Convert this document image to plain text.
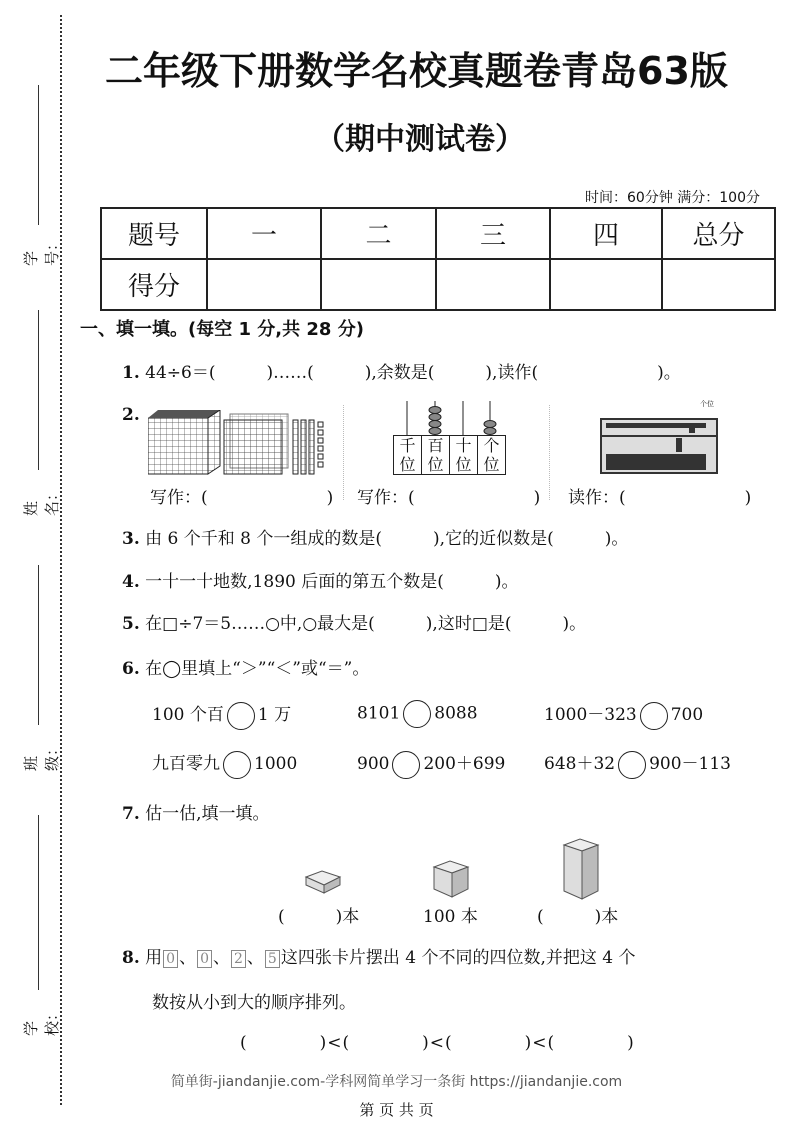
学号：
姓名：
班级：
学校：
二年级下册数学名校真题卷青岛63版
（期中测试卷）
时间：60分钟 满分：100分
题号	一	二	三	四	总分
得分					
一、填一填。(每空 1 分,共 28 分)
1. 44÷6＝(　　　)……(　　　),余数是(　　　),读作(　　　　　　　)。
2.
千
位
百
位
十
位
个
位
个位
写作：(　　　　　　　) 写作：(　　　　　　　) 读作：(　　　　　　　)
3. 由 6 个千和 8 个一组成的数是(　　　),它的近似数是(　　　)。
4. 一十一十地数,1890 后面的第五个数是(　　　)。
5. 在□÷7＝5……○中,○最大是(　　　),这时□是(　　　)。
6. 在◯里填上“＞”“＜”或“＝”。
100 个百 1 万	8101 8088	1000－323 700
九百零九 1000	900 200＋699 648＋32 900－113
7. 估一估,填一填。
(　　　)本	100 本	(　　　)本
8. 用 0 、 0 、 2 、 5 这四张卡片摆出 4 个不同的四位数,并把这 4 个
数按从小到大的顺序排列。
(　　　　)<(　　　　)<(　　　　)<(　　　　)
简单街-jiandanjie.com-学科网简单学习一条街 https://jiandanjie.com
第 页 共 页
